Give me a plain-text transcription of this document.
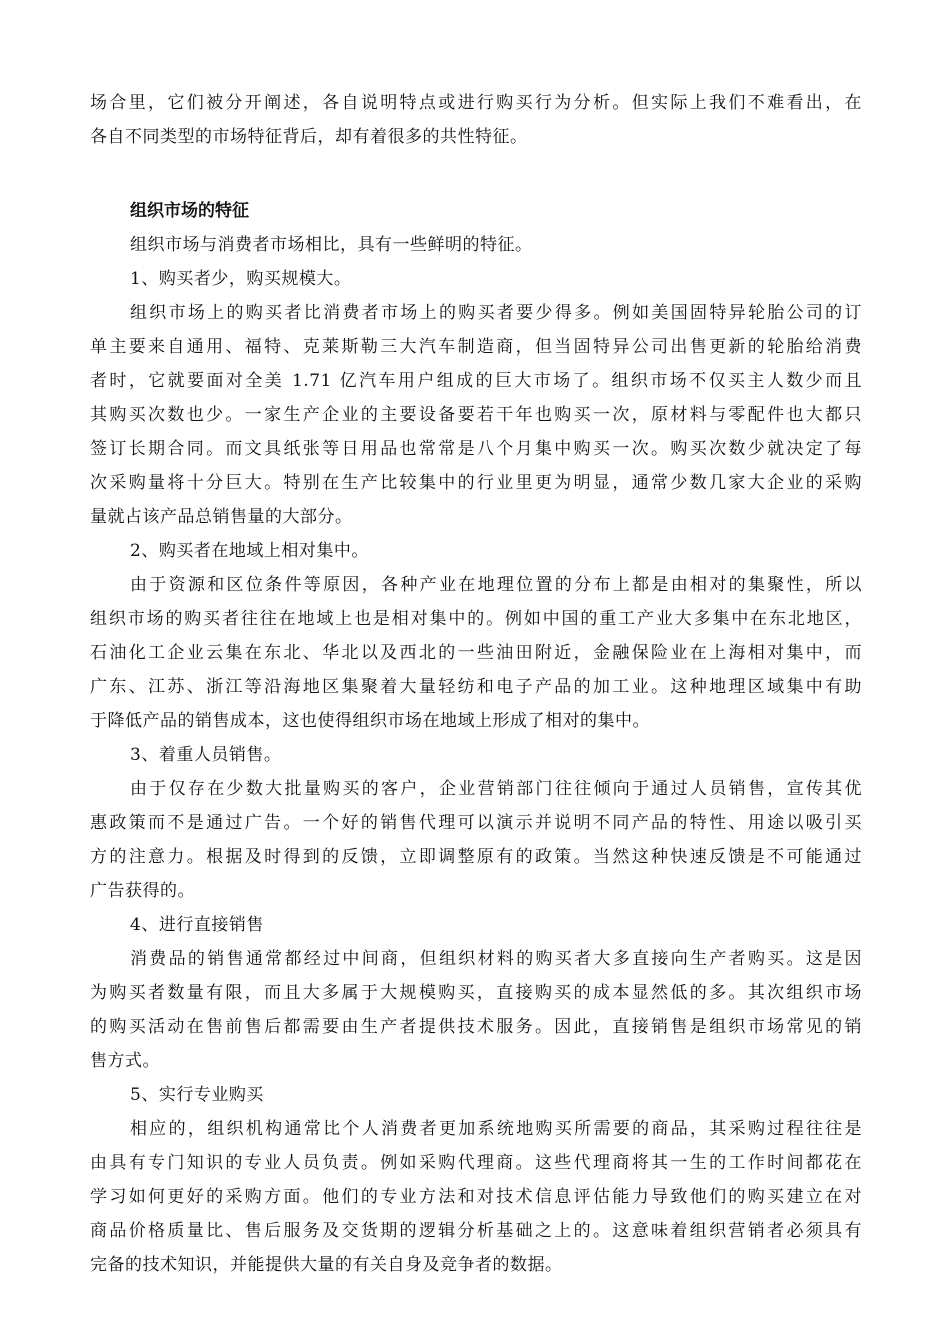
场合里，它们被分开阐述，各自说明特点或进行购买行为分析。但实际上我们不难看出，在
各自不同类型的市场特征背后，却有着很多的共性特征。
组织市场的特征
组织市场与消费者市场相比，具有一些鲜明的特征。
1、购买者少，购买规模大。
组织市场上的购买者比消费者市场上的购买者要少得多。例如美国固特异轮胎公司的订
单主要来自通用、福特、克莱斯勒三大汽车制造商，但当固特异公司出售更新的轮胎给消费
者时，它就要面对全美 1.71 亿汽车用户组成的巨大市场了。组织市场不仅买主人数少而且
其购买次数也少。一家生产企业的主要设备要若干年也购买一次，原材料与零配件也大都只
签订长期合同。而文具纸张等日用品也常常是八个月集中购买一次。购买次数少就决定了每
次采购量将十分巨大。特别在生产比较集中的行业里更为明显，通常少数几家大企业的采购
量就占该产品总销售量的大部分。
2、购买者在地域上相对集中。
由于资源和区位条件等原因，各种产业在地理位置的分布上都是由相对的集聚性，所以
组织市场的购买者往往在地域上也是相对集中的。例如中国的重工产业大多集中在东北地区，
石油化工企业云集在东北、华北以及西北的一些油田附近，金融保险业在上海相对集中，而
广东、江苏、浙江等沿海地区集聚着大量轻纺和电子产品的加工业。这种地理区域集中有助
于降低产品的销售成本，这也使得组织市场在地域上形成了相对的集中。
3、着重人员销售。
由于仅存在少数大批量购买的客户，企业营销部门往往倾向于通过人员销售，宣传其优
惠政策而不是通过广告。一个好的销售代理可以演示并说明不同产品的特性、用途以吸引买
方的注意力。根据及时得到的反馈，立即调整原有的政策。当然这种快速反馈是不可能通过
广告获得的。
4、进行直接销售
消费品的销售通常都经过中间商，但组织材料的购买者大多直接向生产者购买。这是因
为购买者数量有限，而且大多属于大规模购买，直接购买的成本显然低的多。其次组织市场
的购买活动在售前售后都需要由生产者提供技术服务。因此，直接销售是组织市场常见的销
售方式。
5、实行专业购买
相应的，组织机构通常比个人消费者更加系统地购买所需要的商品，其采购过程往往是
由具有专门知识的专业人员负责。例如采购代理商。这些代理商将其一生的工作时间都花在
学习如何更好的采购方面。他们的专业方法和对技术信息评估能力导致他们的购买建立在对
商品价格质量比、售后服务及交货期的逻辑分析基础之上的。这意味着组织营销者必须具有
完备的技术知识，并能提供大量的有关自身及竞争者的数据。
